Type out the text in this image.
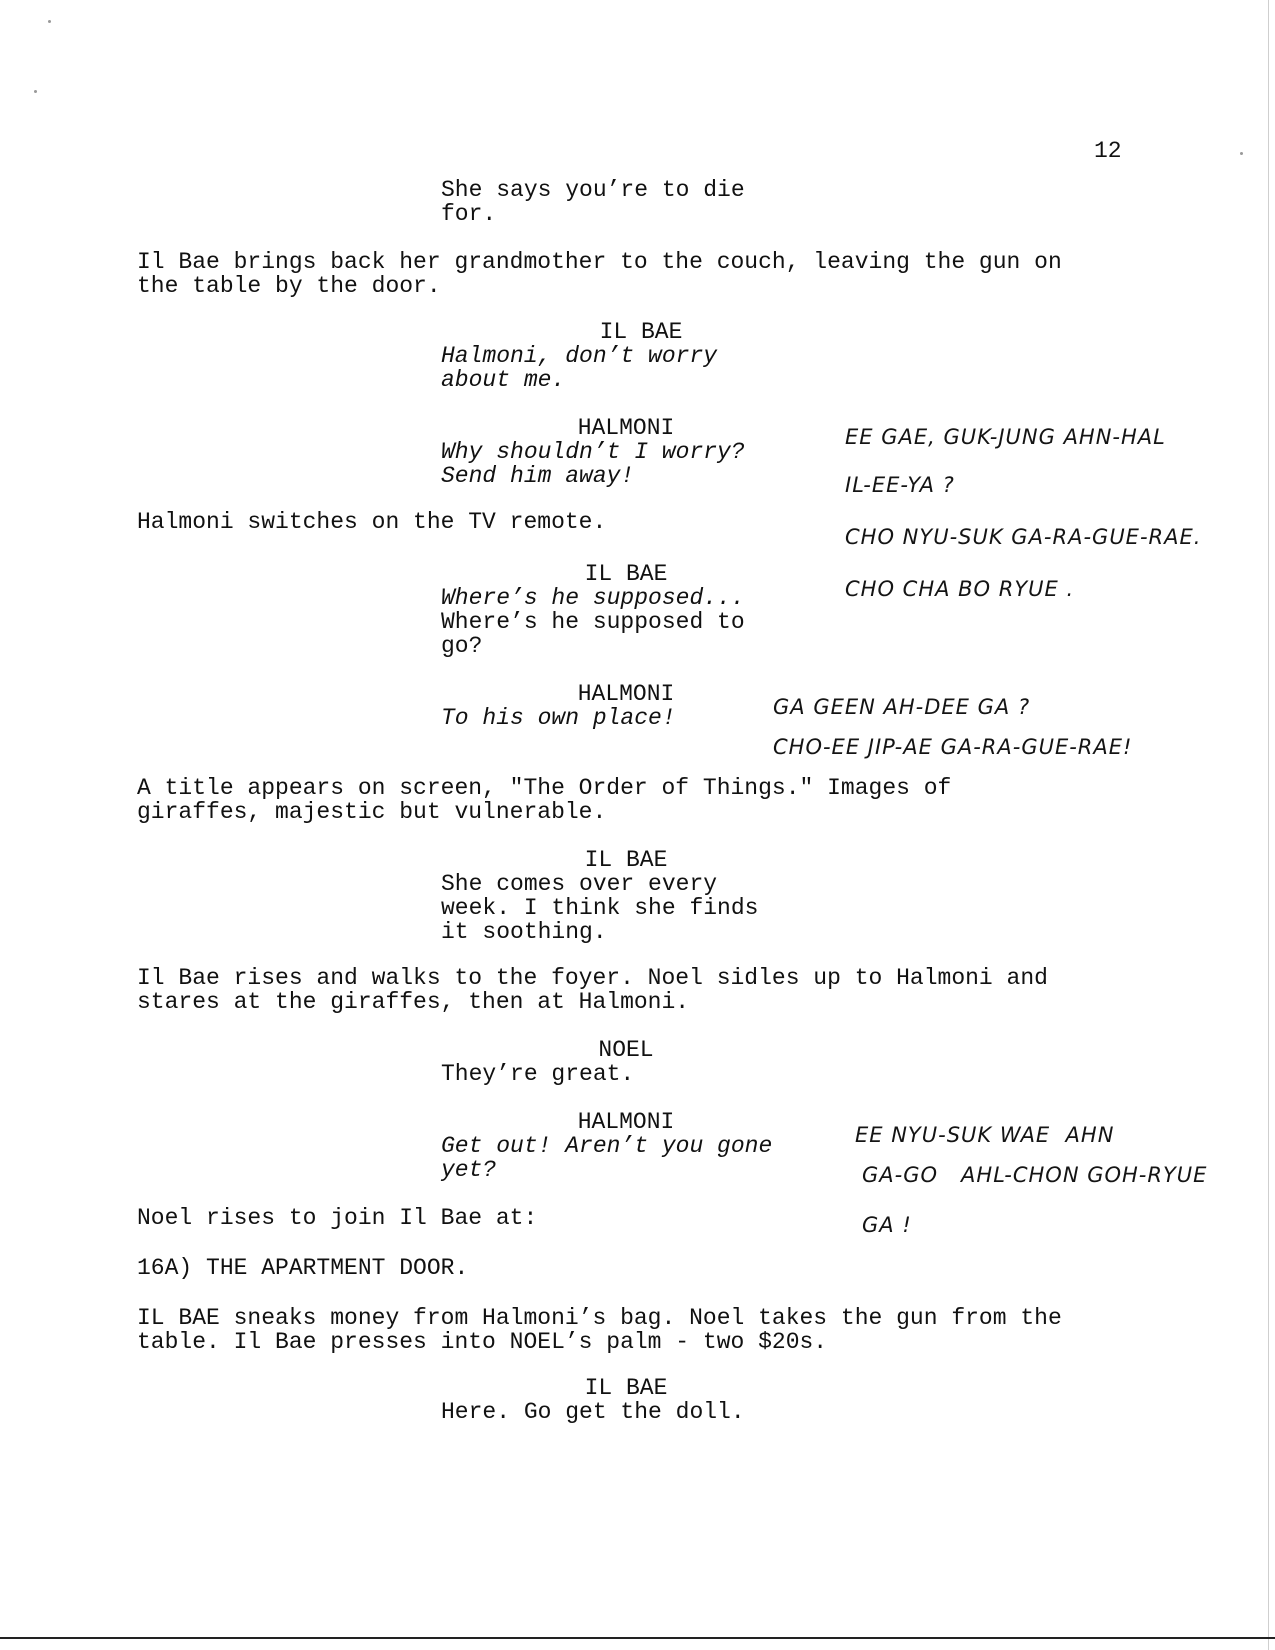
12

She says you’re to die
for.

Il Bae brings back her grandmother to the couch, leaving the gun on
the table by the door.

IL BAE

Halmoni, don’t worry
about me.

HALMONI

Why shouldn’t I worry?
Send him away!

Halmoni switches on the TV remote.

IL BAE

Where’s he supposed...

Where’s he supposed to
go?

HALMONI

To his own place!

A title appears on screen, "The Order of Things." Images of
giraffes, majestic but vulnerable.

IL BAE

She comes over every
week. I think she finds
it soothing.

Il Bae rises and walks to the foyer. Noel sidles up to Halmoni and
stares at the giraffes, then at Halmoni.

NOEL

They’re great.

HALMONI

Get out! Aren’t you gone
yet?

Noel rises to join Il Bae at:

16A) THE APARTMENT DOOR.

IL BAE sneaks money from Halmoni’s bag. Noel takes the gun from the
table. Il Bae presses into NOEL’s palm - two $20s.

IL BAE

Here. Go get the doll.

EE GAE, GUK-JUNG AHN-HAL

IL-EE-YA ?

CHO NYU-SUK GA-RA-GUE-RAE.

CHO CHA BO RYUE .

GA GEEN AH-DEE GA ?

CHO-EE JIP-AE GA-RA-GUE-RAE!

EE NYU-SUK WAE  AHN

GA-GO   AHL-CHON GOH-RYUE

GA !
